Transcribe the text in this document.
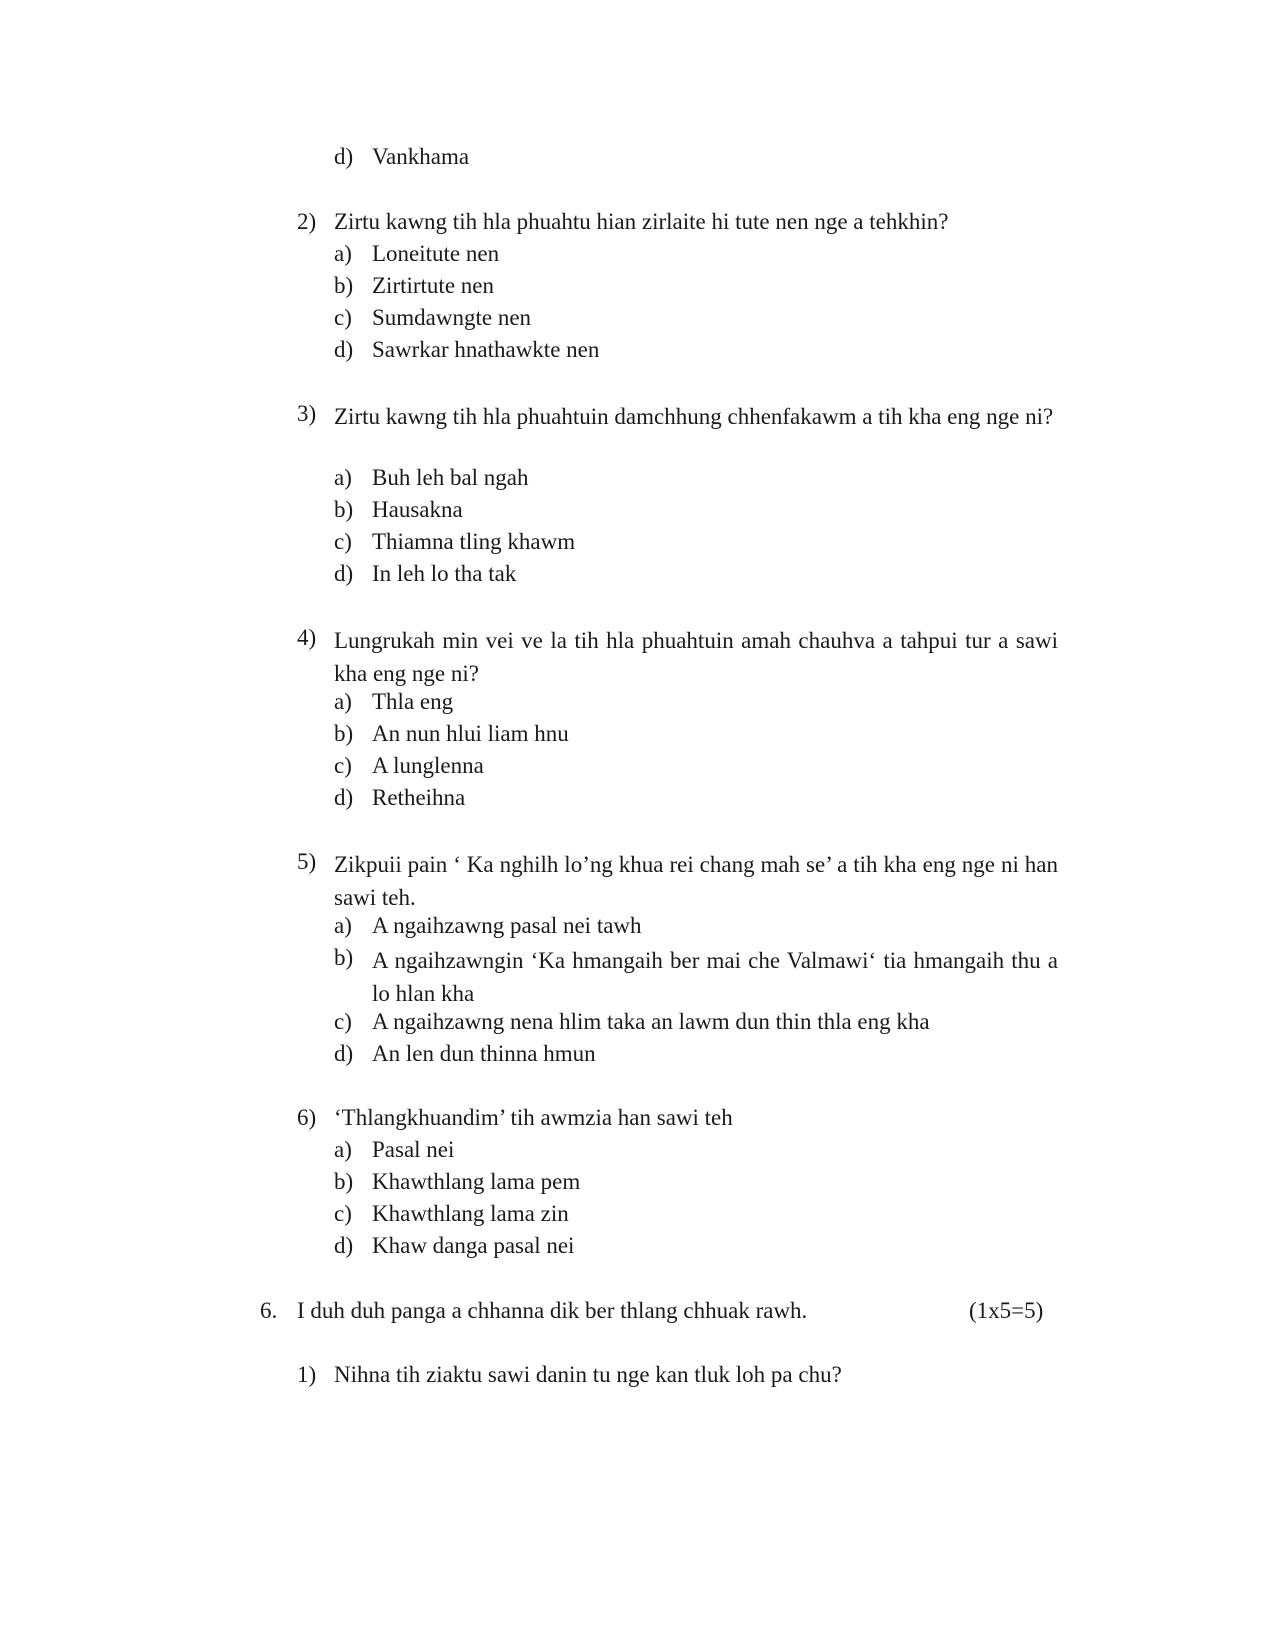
d) Vankhama
2) Zirtu kawng tih hla phuahtu hian zirlaite hi tute nen nge a tehkhin?
a) Loneitute nen
b) Zirtirtute nen
c) Sumdawngte nen
d) Sawrkar hnathawkte nen
3) Zirtu kawng tih hla phuahtuin damchhung chhenfakawm a tih kha eng nge ni?
a) Buh leh bal ngah
b) Hausakna
c) Thiamna tling khawm
d) In leh lo tha tak
4) Lungrukah min vei ve la tih hla phuahtuin amah chauhva a tahpui tur a sawi kha eng nge ni?
a) Thla eng
b) An nun hlui liam hnu
c) A lunglenna
d) Retheihna
5) Zikpuii pain ‘ Ka nghilh lo’ng khua rei chang mah se’ a tih kha eng nge ni han sawi teh.
a) A ngaihzawng pasal nei tawh
b) A ngaihzawngin ‘Ka hmangaih ber mai che Valmawi‘ tia hmangaih thu a lo hlan kha
c) A ngaihzawng nena hlim taka an lawm dun thin thla eng kha
d) An len dun thinna hmun
6) ‘Thlangkhuandim’ tih awmzia han sawi teh
a) Pasal nei
b) Khawthlang lama pem
c) Khawthlang lama zin
d) Khaw danga pasal nei
6. I duh duh panga a chhanna dik ber thlang chhuak rawh.	(1x5=5)
1) Nihna tih ziaktu sawi danin tu nge kan tluk loh pa chu?
